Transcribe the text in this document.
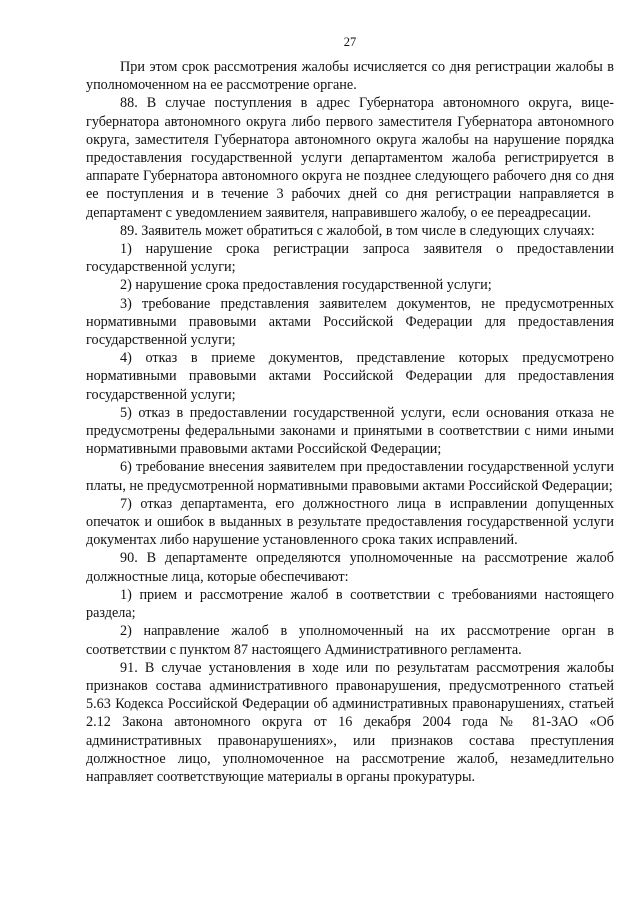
27

При этом срок рассмотрения жалобы исчисляется со дня регистрации жалобы в уполномоченном на ее рассмотрение органе.

88. В случае поступления в адрес Губернатора автономного округа, вице-губернатора автономного округа либо первого заместителя Губернатора автономного округа, заместителя Губернатора автономного округа жалобы на нарушение порядка предоставления государственной услуги департаментом жалоба регистрируется в аппарате Губернатора автономного округа не позднее следующего рабочего дня со дня ее поступления и в течение 3 рабочих дней со дня регистрации направляется в департамент с уведомлением заявителя, направившего жалобу, о ее переадресации.

89. Заявитель может обратиться с жалобой, в том числе в следующих случаях:

1) нарушение срока регистрации запроса заявителя о предоставлении государственной услуги;

2) нарушение срока предоставления государственной услуги;

3) требование представления заявителем документов, не предусмотренных нормативными правовыми актами Российской Федерации для предоставления государственной услуги;

4) отказ в приеме документов, представление которых предусмотрено нормативными правовыми актами Российской Федерации для предоставления государственной услуги;

5) отказ в предоставлении государственной услуги, если основания отказа не предусмотрены федеральными законами и принятыми в соответствии с ними иными нормативными правовыми актами Российской Федерации;

6) требование внесения заявителем при предоставлении государственной услуги платы, не предусмотренной нормативными правовыми актами Российской Федерации;

7) отказ департамента, его должностного лица в исправлении допущенных опечаток и ошибок в выданных в результате предоставления государственной услуги документах либо нарушение установленного срока таких исправлений.

90. В департаменте определяются уполномоченные на рассмотрение жалоб должностные лица, которые обеспечивают:

1) прием и рассмотрение жалоб в соответствии с требованиями настоящего раздела;

2) направление жалоб в уполномоченный на их рассмотрение орган в соответствии с пунктом 87 настоящего Административного регламента.

91. В случае установления в ходе или по результатам рассмотрения жалобы признаков состава административного правонарушения, предусмотренного статьей 5.63 Кодекса Российской Федерации об административных правонарушениях, статьей 2.12 Закона автономного округа от 16 декабря 2004 года № 81-ЗАО «Об административных правонарушениях», или признаков состава преступления должностное лицо, уполномоченное на рассмотрение жалоб, незамедлительно направляет соответствующие материалы в органы прокуратуры.
